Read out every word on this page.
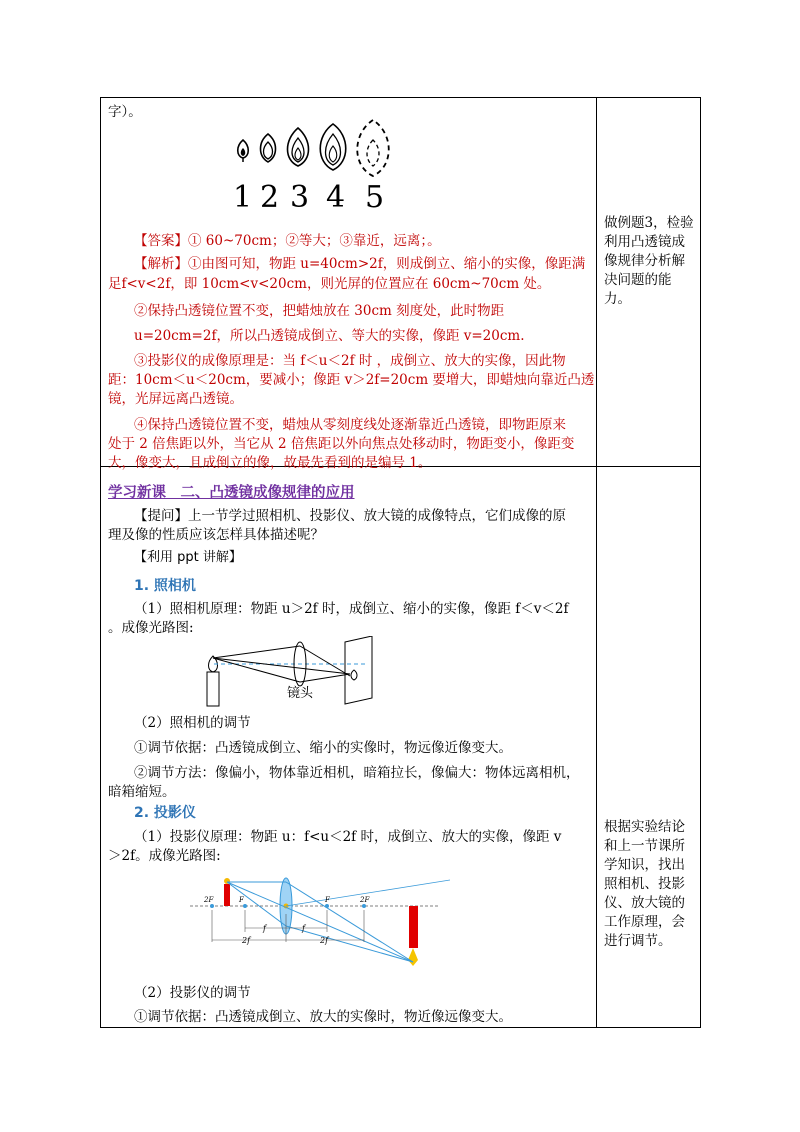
字）。
1 2 3 4 5
【答案】① 60~70cm；②等大；③靠近，远离；。
【解析】①由图可知，物距 u=40cm>2f，则成倒立、缩小的实像，像距满
足f<v<2f，即 10cm<v<20cm，则光屏的位置应在 60cm~70cm 处。
②保持凸透镜位置不变，把蜡烛放在 30cm 刻度处，此时物距
u=20cm=2f，所以凸透镜成倒立、等大的实像，像距 v=20cm.
③投影仪的成像原理是：当 f＜u＜2f 时 ，成倒立、放大的实像，因此物
距：10cm＜u＜20cm，要减小；像距 v＞2f=20cm 要增大，即蜡烛向靠近凸透
镜，光屏远离凸透镜。
④保持凸透镜位置不变，蜡烛从零刻度线处逐渐靠近凸透镜，即物距原来
处于 2 倍焦距以外，当它从 2 倍焦距以外向焦点处移动时，物距变小，像距变
大，像变大，且成倒立的像，故最先看到的是编号 1。
做例题3，检验利用凸透镜成像规律分析解决问题的能力。
学习新课　二、凸透镜成像规律的应用
【提问】上一节学过照相机、投影仪、放大镜的成像特点，它们成像的原
理及像的性质应该怎样具体描述呢？
【利用 ppt 讲解】
1. 照相机
（1）照相机原理：物距 u＞2f 时，成倒立、缩小的实像，像距 f＜v＜2f
。成像光路图:
镜头
（2）照相机的调节
①调节依据：凸透镜成倒立、缩小的实像时，物远像近像变大。
②调节方法：像偏小，物体靠近相机，暗箱拉长，像偏大：物体远离相机，
暗箱缩短。
2. 投影仪
（1）投影仪原理：物距 u：f<u＜2f 时，成倒立、放大的实像，像距 v
＞2f。成像光路图:
2F	F	F	2F
f	f
2f	2f
（2）投影仪的调节
①调节依据：凸透镜成倒立、放大的实像时，物近像远像变大。
根据实验结论和上一节课所学知识，找出照相机、投影仪、放大镜的工作原理，会进行调节。
